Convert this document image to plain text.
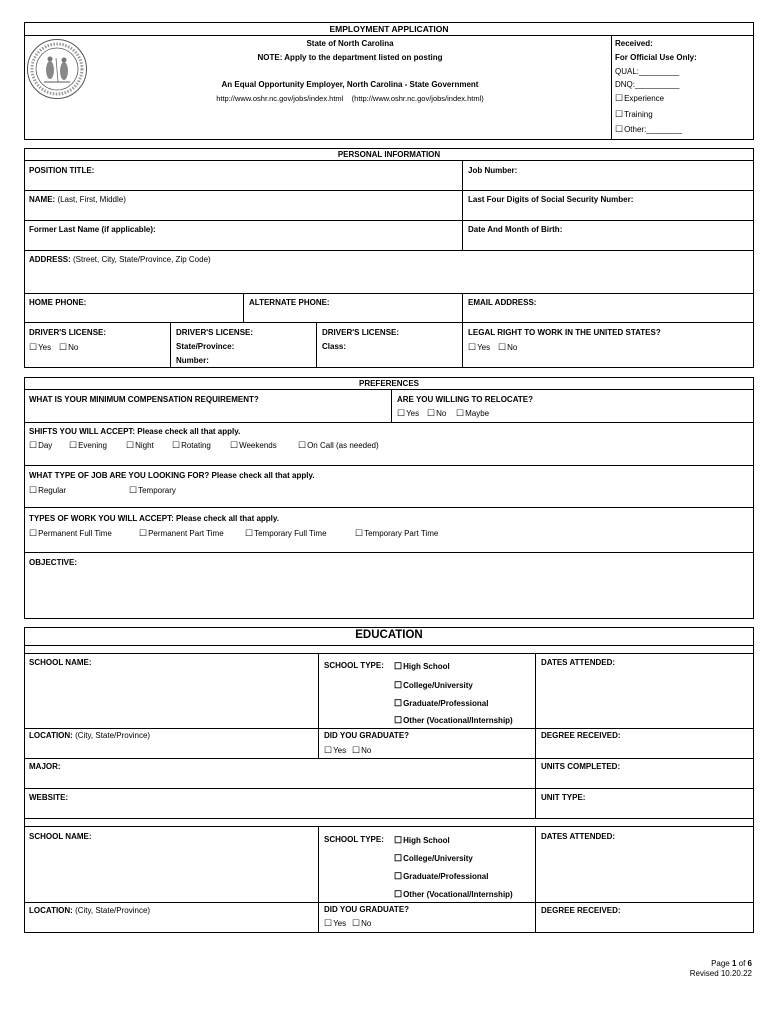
EMPLOYMENT APPLICATION
State of North Carolina
NOTE: Apply to the department listed on posting
An Equal Opportunity Employer, North Carolina - State Government
http://www.oshr.nc.gov/jobs/index.html    (http://www.oshr.nc.gov/jobs/index.html)
Received:
For Official Use Only:
QUAL:_________
DNQ:__________
☐ Experience
☐ Training
☐ Other:________
PERSONAL INFORMATION
POSITION TITLE:	Job Number:
NAME: (Last, First, Middle)	Last Four Digits of Social Security Number:
Former Last Name (if applicable):	Date And Month of Birth:
ADDRESS: (Street, City, State/Province, Zip Code)
HOME PHONE:	ALTERNATE PHONE:	EMAIL ADDRESS:
DRIVER'S LICENSE:
☐ Yes	☐ No
DRIVER'S LICENSE:
State/Province:
Number:
DRIVER'S LICENSE:
Class:
LEGAL RIGHT TO WORK IN THE UNITED STATES?
☐ Yes	☐ No
PREFERENCES
WHAT IS YOUR MINIMUM COMPENSATION REQUIREMENT?	ARE YOU WILLING TO RELOCATE?
☐ Yes	☐ No	☐ Maybe
SHIFTS YOU WILL ACCEPT: Please check all that apply.
☐ Day	☐ Evening	☐ Night	☐ Rotating	☐ Weekends	☐ On Call (as needed)
WHAT TYPE OF JOB ARE YOU LOOKING FOR? Please check all that apply.
☐ Regular	☐ Temporary
TYPES OF WORK YOU WILL ACCEPT: Please check all that apply.
☐ Permanent Full Time	☐ Permanent Part Time	☐ Temporary Full Time	☐ Temporary Part Time
OBJECTIVE:
EDUCATION
SCHOOL NAME:	SCHOOL TYPE:	☐ High School
☐ College/University
☐ Graduate/Professional
☐ Other (Vocational/Internship)
DATES ATTENDED:
LOCATION: (City, State/Province)	DID YOU GRADUATE?
☐ Yes	☐ No
DEGREE RECEIVED:
MAJOR:	UNITS COMPLETED:
WEBSITE:	UNIT TYPE:
SCHOOL NAME:	SCHOOL TYPE:	☐ High School
☐ College/University
☐ Graduate/Professional
☐ Other (Vocational/Internship)
DATES ATTENDED:
LOCATION: (City, State/Province)	DID YOU GRADUATE?
☐ Yes	☐ No
DEGREE RECEIVED:
Page 1 of 6
Revised 10.20.22
